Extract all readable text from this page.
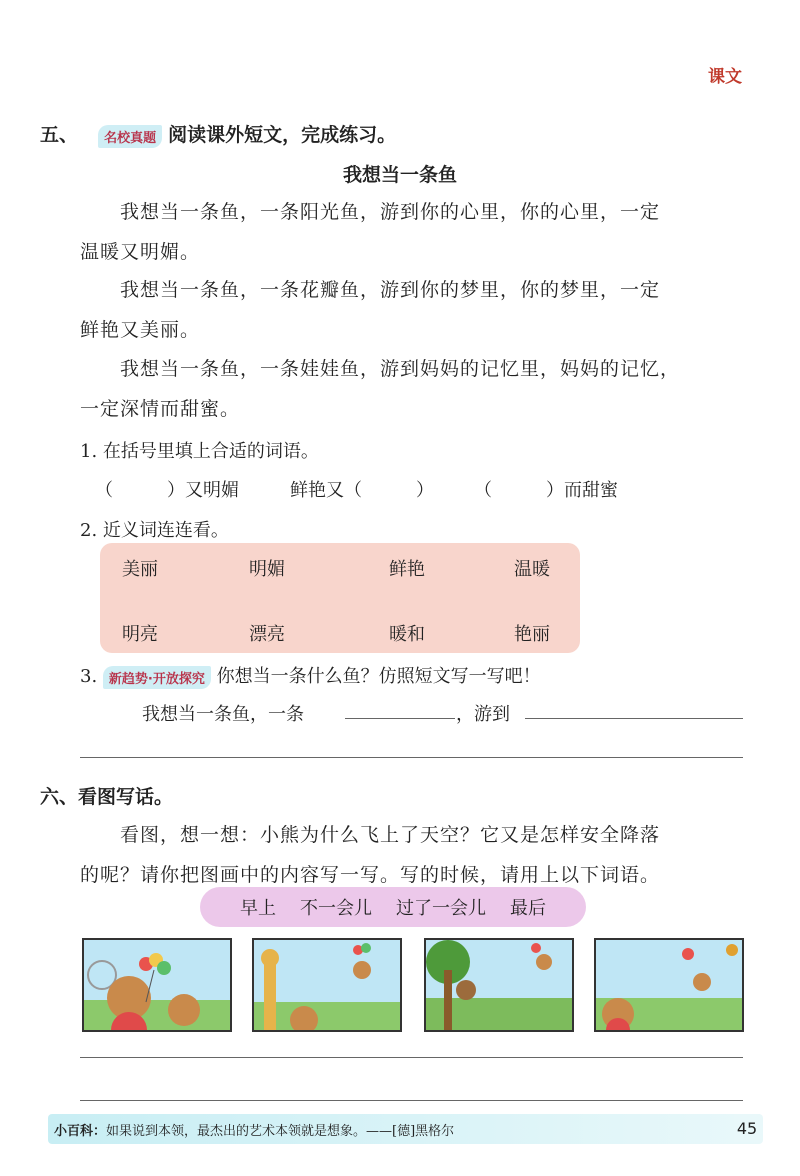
课文
五、 名校真题 阅读课外短文，完成练习。
我想当一条鱼
我想当一条鱼，一条阳光鱼，游到你的心里，你的心里，一定
温暖又明媚。
我想当一条鱼，一条花瓣鱼，游到你的梦里，你的梦里，一定
鲜艳又美丽。
我想当一条鱼，一条娃娃鱼，游到妈妈的记忆里，妈妈的记忆，
一定深情而甜蜜。
1. 在括号里填上合适的词语。
（　　　）又明媚	鲜艳又（　　　） （　　　）而甜蜜
2. 近义词连连看。
美丽	明媚	鲜艳	温暖
明亮	漂亮	暖和	艳丽
3. 新趋势·开放探究 你想当一条什么鱼？仿照短文写一写吧！
我想当一条鱼，一条	，游到
六、看图写话。
看图，想一想：小熊为什么飞上了天空？它又是怎样安全降落
的呢？请你把图画中的内容写一写。写的时候，请用上以下词语。
早上 不一会儿 过了一会儿 最后
小百科： 如果说到本领，最杰出的艺术本领就是想象。——[德]黑格尔	45
